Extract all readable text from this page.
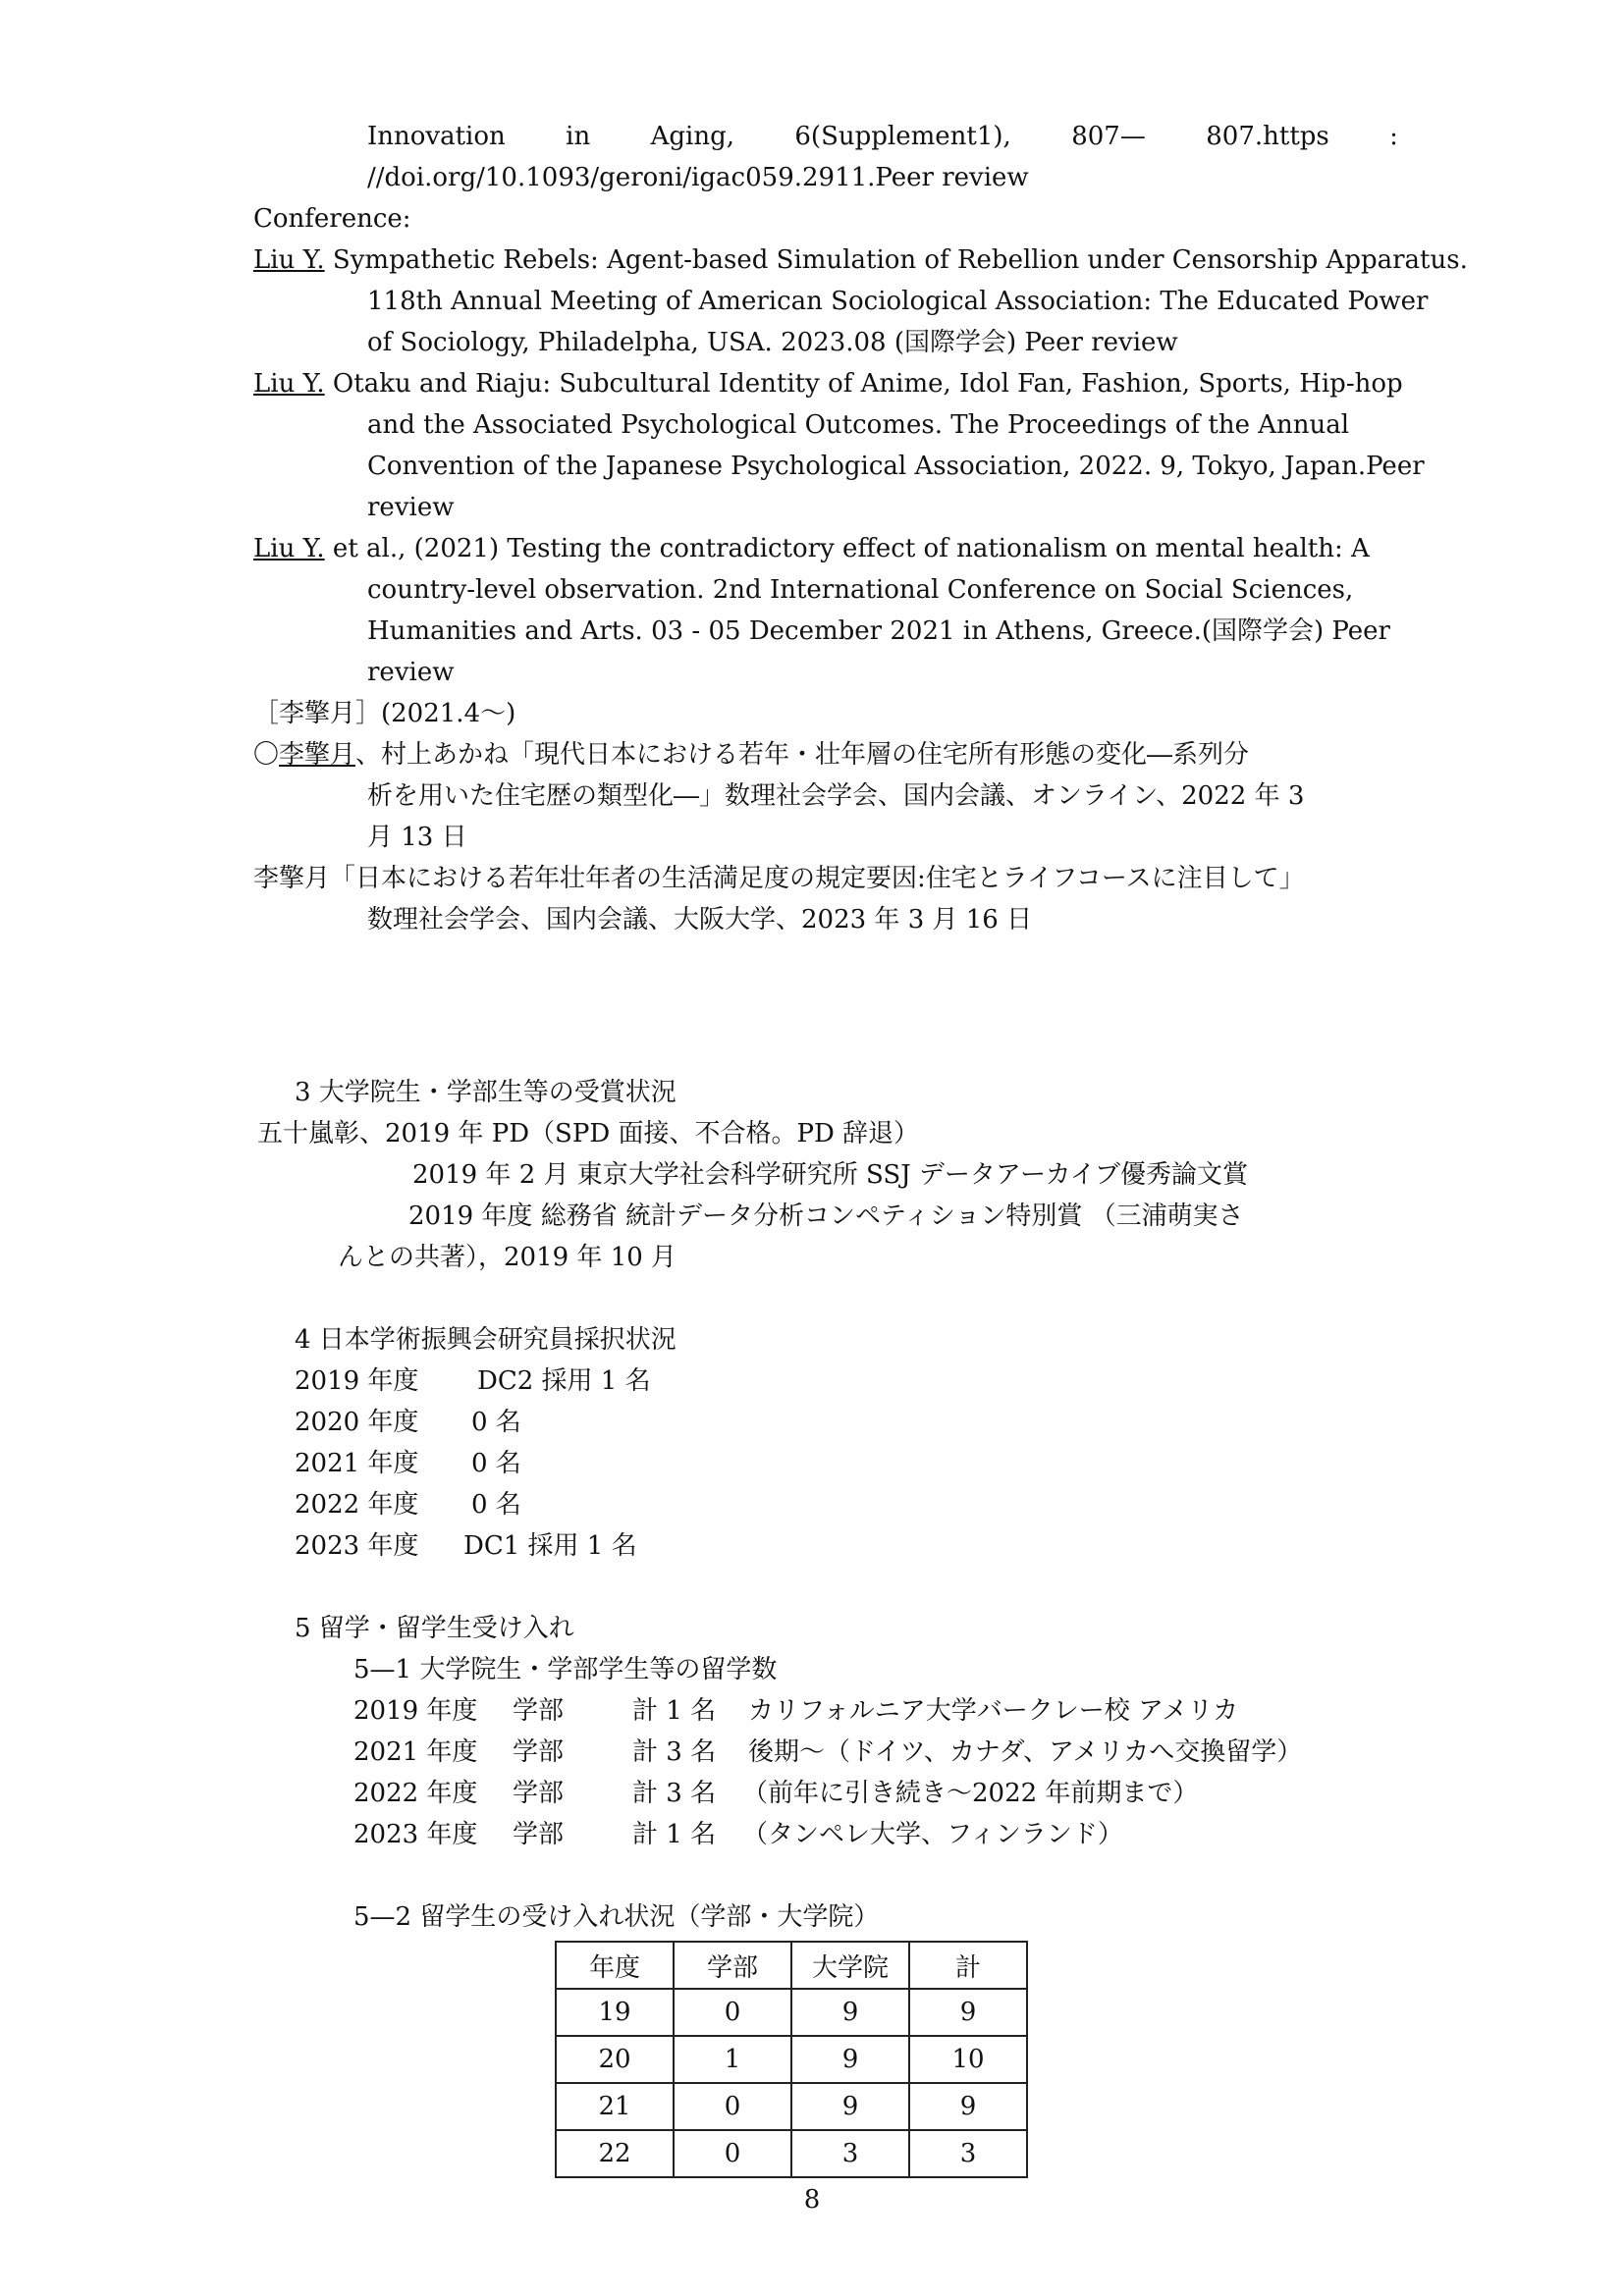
Innovation in Aging, 6(Supplement1), 807— 807.https :
//doi.org/10.1093/geroni/igac059.2911.Peer review
Conference:
Liu Y. Sympathetic Rebels: Agent-based Simulation of Rebellion under Censorship Apparatus.
118th Annual Meeting of American Sociological Association: The Educated Power
of Sociology, Philadelpha, USA. 2023.08 (国際学会) Peer review
Liu Y. Otaku and Riaju: Subcultural Identity of Anime, Idol Fan, Fashion, Sports, Hip-hop
and the Associated Psychological Outcomes. The Proceedings of the Annual
Convention of the Japanese Psychological Association, 2022. 9, Tokyo, Japan.Peer
review
Liu Y. et al., (2021) Testing the contradictory effect of nationalism on mental health: A
country-level observation. 2nd International Conference on Social Sciences,
Humanities and Arts. 03 - 05 December 2021 in Athens, Greece.(国際学会) Peer
review
［李擎月］(2021.4～)
〇李擎月、村上あかね「現代日本における若年・壮年層の住宅所有形態の変化―系列分
析を用いた住宅歴の類型化―」数理社会学会、国内会議、オンライン、2022 年 3
月 13 日
李擎月「日本における若年壮年者の生活満足度の規定要因:住宅とライフコースに注目して」
数理社会学会、国内会議、大阪大学、2023 年 3 月 16 日
3 大学院生・学部生等の受賞状況
五十嵐彰、2019 年 PD（SPD 面接、不合格。PD 辞退）
2019 年 2 月 東京大学社会科学研究所 SSJ データアーカイブ優秀論文賞
2019 年度 総務省 統計データ分析コンペティション特別賞 （三浦萌実さ
んとの共著），2019 年 10 月
4 日本学術振興会研究員採択状況
2019 年度 DC2 採用 1 名
2020 年度 0 名
2021 年度 0 名
2022 年度 0 名
2023 年度 DC1 採用 1 名
5 留学・留学生受け入れ
5—1 大学院生・学部学生等の留学数
2019 年度 学部	計 1 名 カリフォルニア大学バークレー校 アメリカ
2021 年度 学部	計 3 名 後期～（ドイツ、カナダ、アメリカへ交換留学）
2022 年度 学部	計 3 名 （前年に引き続き～2022 年前期まで）
2023 年度 学部	計 1 名 （タンペレ大学、フィンランド）
5—2 留学生の受け入れ状況（学部・大学院）
年度	学部	大学院	計
19	0	9	9
20	1	9	10
21	0	9	9
22	0	3	3
8
